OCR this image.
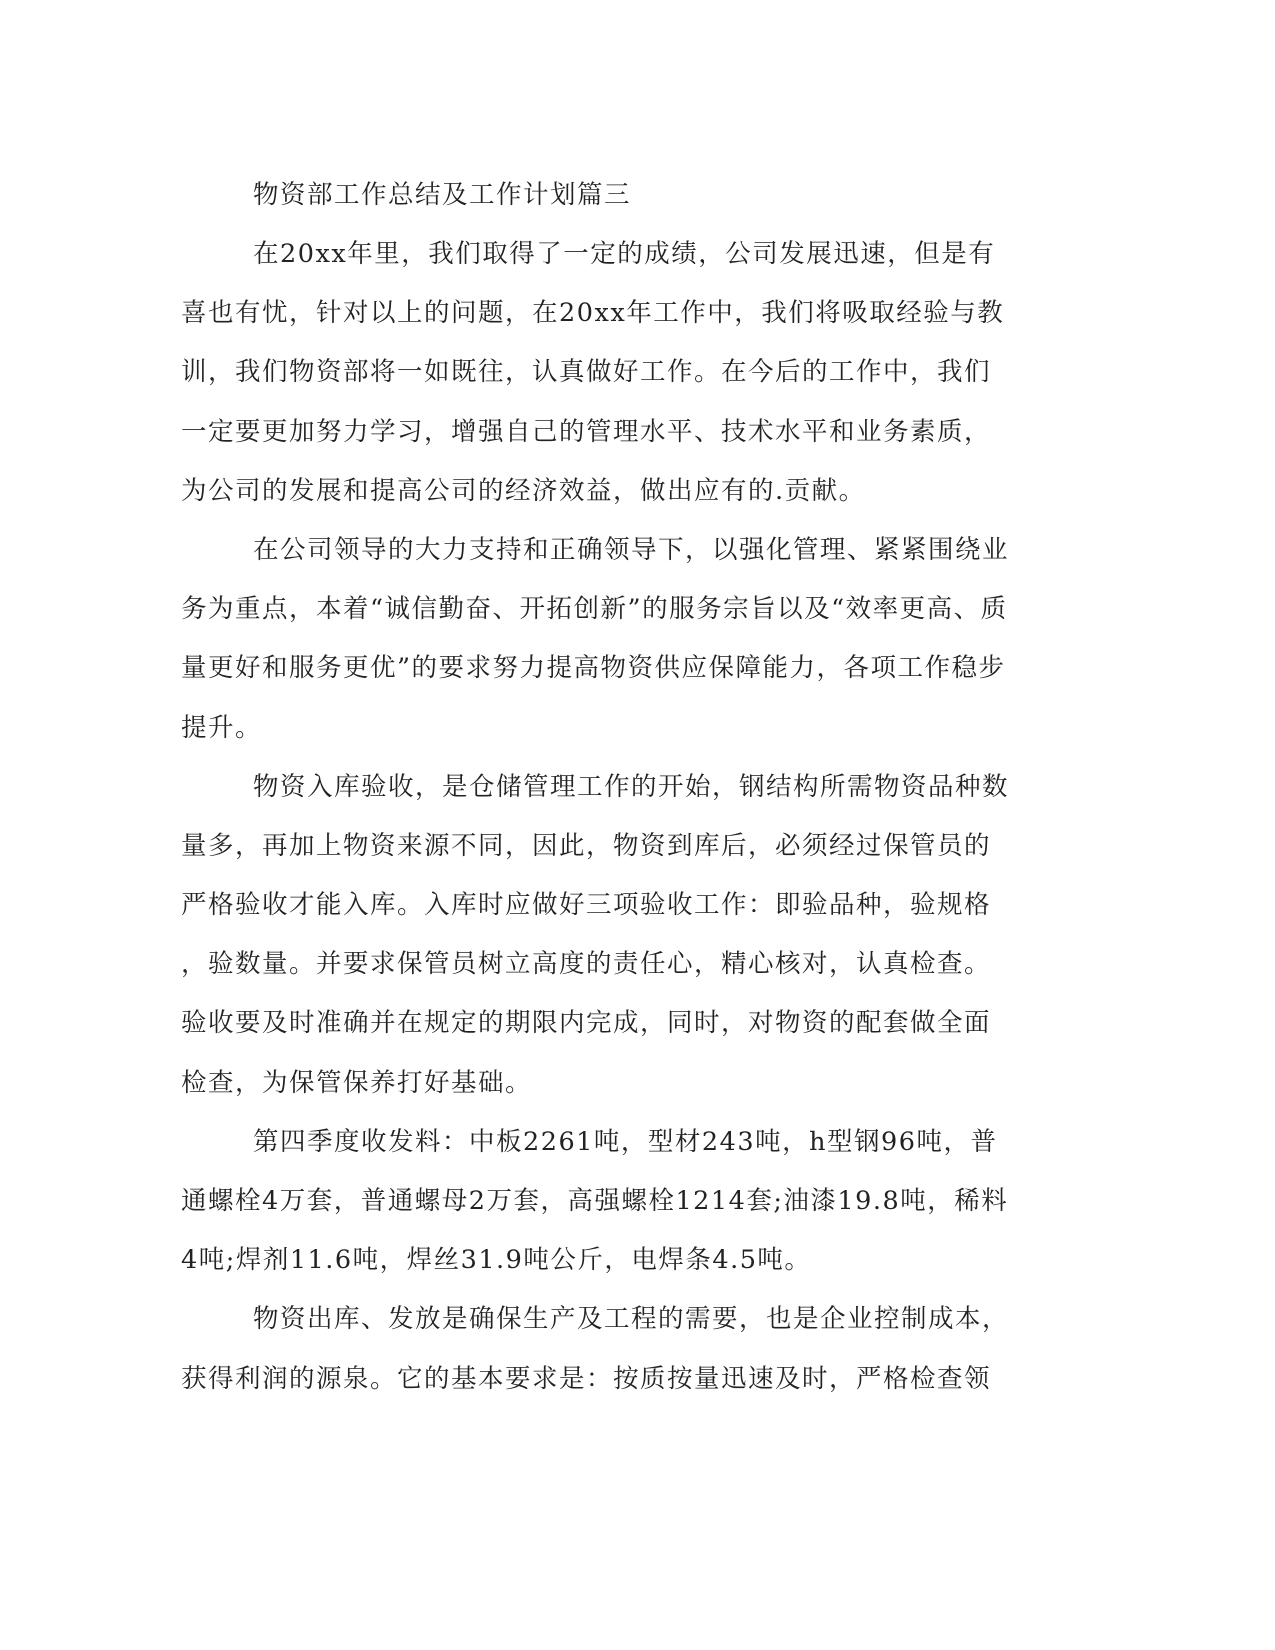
物资部工作总结及工作计划篇三
在20xx年里，我们取得了一定的成绩，公司发展迅速，但是有
喜也有忧，针对以上的问题，在20xx年工作中，我们将吸取经验与教
训，我们物资部将一如既往，认真做好工作。在今后的工作中，我们
一定要更加努力学习，增强自己的管理水平、技术水平和业务素质，
为公司的发展和提高公司的经济效益，做出应有的.贡献。
在公司领导的大力支持和正确领导下，以强化管理、紧紧围绕业
务为重点，本着“诚信勤奋、开拓创新”的服务宗旨以及“效率更高、质
量更好和服务更优”的要求努力提高物资供应保障能力，各项工作稳步
提升。
物资入库验收，是仓储管理工作的开始，钢结构所需物资品种数
量多，再加上物资来源不同，因此，物资到库后，必须经过保管员的
严格验收才能入库。入库时应做好三项验收工作：即验品种，验规格
，验数量。并要求保管员树立高度的责任心，精心核对，认真检查。
验收要及时准确并在规定的期限内完成，同时，对物资的配套做全面
检查，为保管保养打好基础。
第四季度收发料：中板2261吨，型材243吨，h型钢96吨，普
通螺栓4万套，普通螺母2万套，高强螺栓1214套;油漆19.8吨，稀料
4吨;焊剂11.6吨，焊丝31.9吨公斤，电焊条4.5吨。
物资出库、发放是确保生产及工程的需要，也是企业控制成本，
获得利润的源泉。它的基本要求是：按质按量迅速及时，严格检查领
